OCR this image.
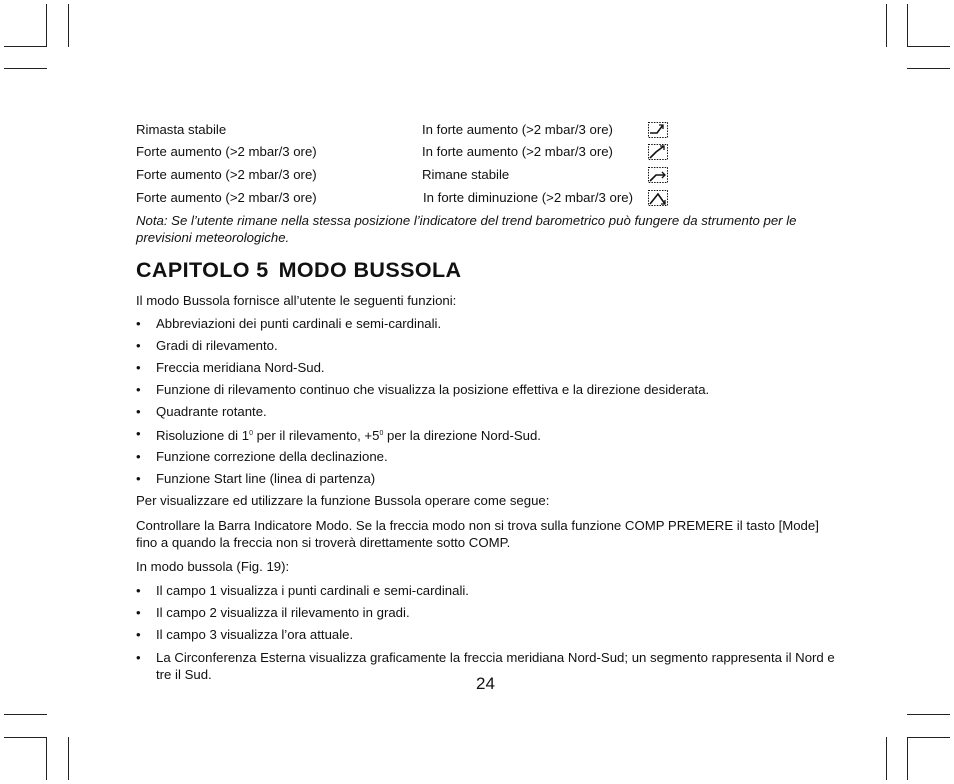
Rimasta stabile	In forte aumento (>2 mbar/3 ore)
Forte aumento (>2 mbar/3 ore)	In forte aumento (>2 mbar/3 ore)
Forte aumento (>2 mbar/3 ore)	Rimane stabile
Forte aumento (>2 mbar/3 ore)	In forte diminuzione (>2 mbar/3 ore)
Nota: Se l’utente rimane nella stessa posizione l’indicatore del trend barometrico può fungere da strumento per le previsioni meteorologiche.
CAPITOLO 5 MODO BUSSOLA
Il modo Bussola fornisce all’utente le seguenti funzioni:
• Abbreviazioni dei punti cardinali e semi-cardinali.
• Gradi di rilevamento.
• Freccia meridiana Nord-Sud.
• Funzione di rilevamento continuo che visualizza la posizione effettiva e la direzione desiderata.
• Quadrante rotante.
• Risoluzione di $1^0$ per il rilevamento, $+5^0$ per la direzione Nord-Sud.
• Funzione correzione della declinazione.
• Funzione Start line (linea di partenza)
Per visualizzare ed utilizzare la funzione Bussola operare come segue:
Controllare la Barra Indicatore Modo. Se la freccia modo non si trova sulla funzione COMP PREMERE il tasto [Mode] fino a quando la freccia non si troverà direttamente sotto COMP.
In modo bussola (Fig. 19):
• Il campo 1 visualizza i punti cardinali e semi-cardinali.
• Il campo 2 visualizza il rilevamento in gradi.
• Il campo 3 visualizza l’ora attuale.
• La Circonferenza Esterna visualizza graficamente la freccia meridiana Nord-Sud; un segmento rappresenta il Nord e tre il Sud.	24
